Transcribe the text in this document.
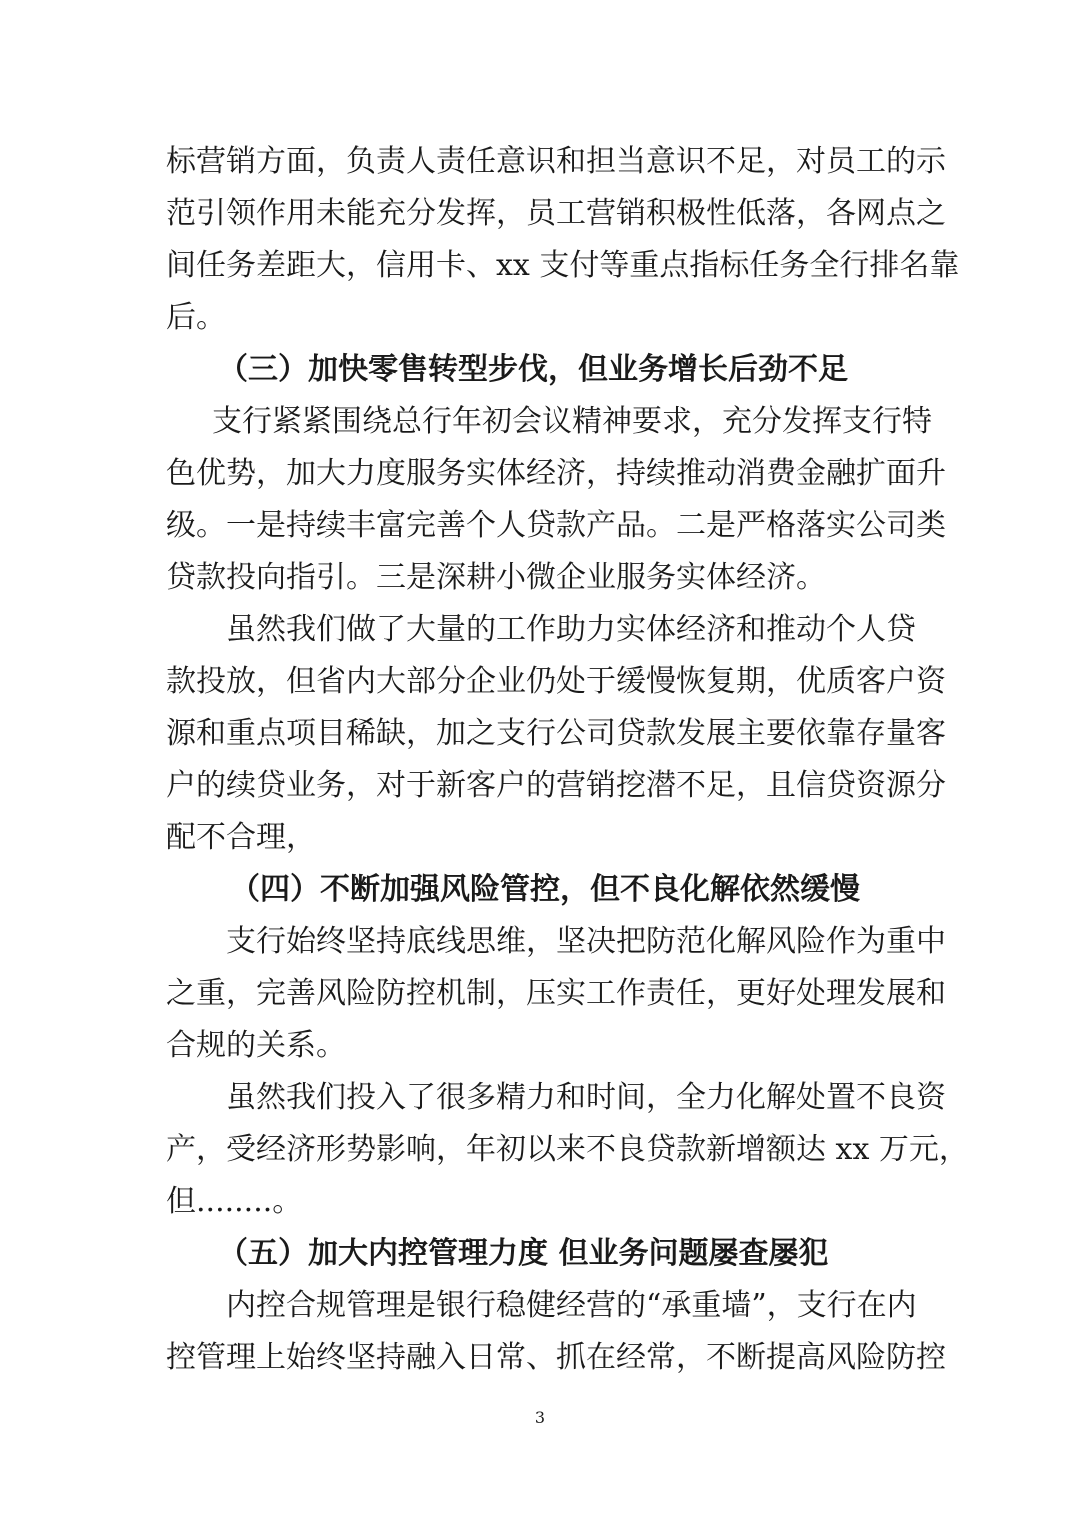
标营销方面，负责人责任意识和担当意识不足，对员工的示
范引领作用未能充分发挥，员工营销积极性低落，各网点之
间任务差距大，信用卡、xx 支付等重点指标任务全行排名靠
后。
（三）加快零售转型步伐，但业务增长后劲不足
支行紧紧围绕总行年初会议精神要求，充分发挥支行特
色优势，加大力度服务实体经济，持续推动消费金融扩面升
级。一是持续丰富完善个人贷款产品。二是严格落实公司类
贷款投向指引。三是深耕小微企业服务实体经济。
虽然我们做了大量的工作助力实体经济和推动个人贷
款投放，但省内大部分企业仍处于缓慢恢复期，优质客户资
源和重点项目稀缺，加之支行公司贷款发展主要依靠存量客
户的续贷业务，对于新客户的营销挖潜不足，且信贷资源分
配不合理，
（四）不断加强风险管控，但不良化解依然缓慢
支行始终坚持底线思维，坚决把防范化解风险作为重中
之重，完善风险防控机制，压实工作责任，更好处理发展和
合规的关系。
虽然我们投入了很多精力和时间，全力化解处置不良资
产，受经济形势影响，年初以来不良贷款新增额达 xx 万元，
但........。
（五）加大内控管理力度 但业务问题屡查屡犯
内控合规管理是银行稳健经营的“承重墙”，支行在内
控管理上始终坚持融入日常、抓在经常，不断提高风险防控
3
